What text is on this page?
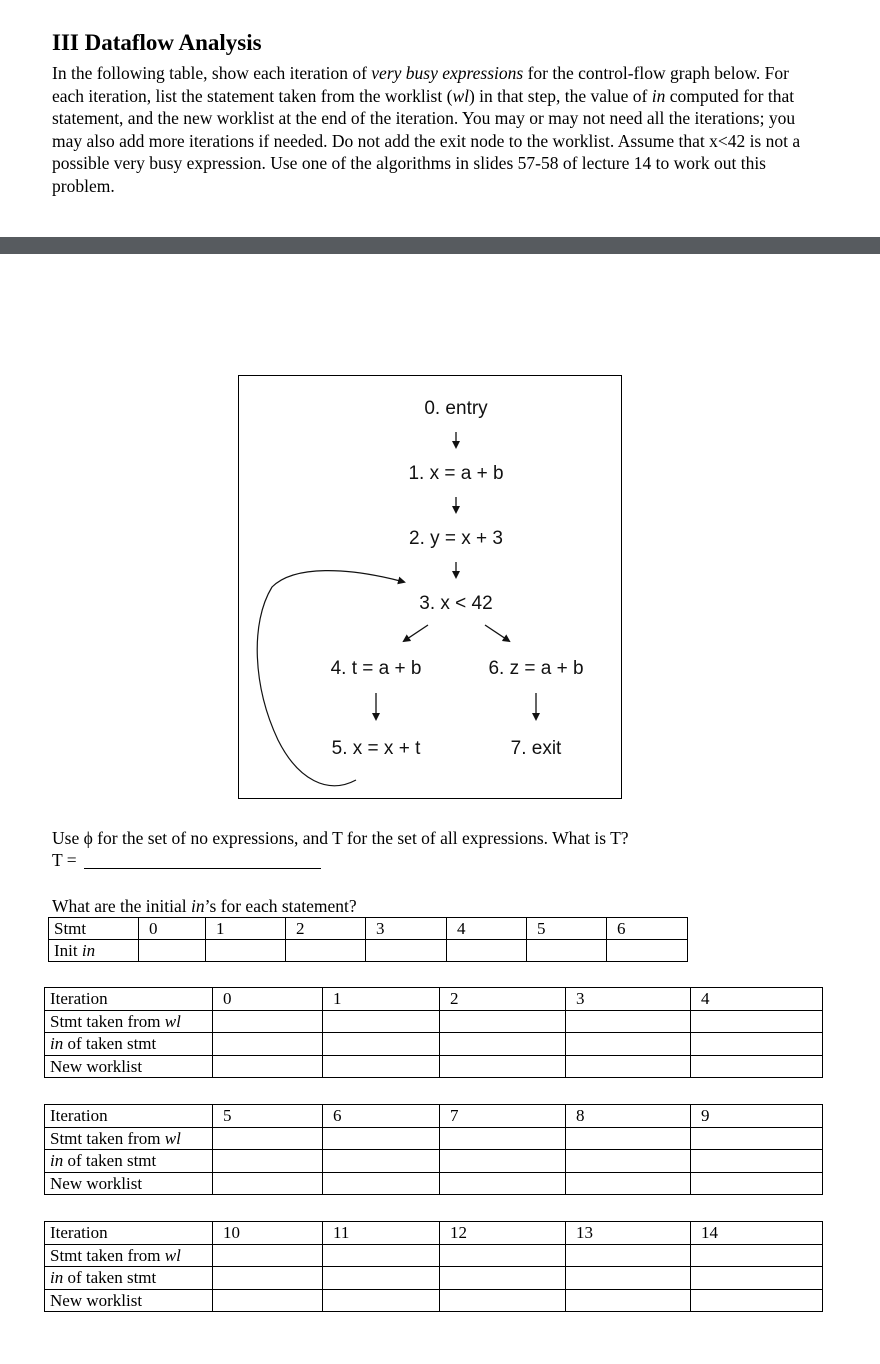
III Dataflow Analysis
In the following table, show each iteration of very busy expressions for the control-flow graph below. For each iteration, list the statement taken from the worklist (wl) in that step, the value of in computed for that statement, and the new worklist at the end of the iteration. You may or may not need all the iterations; you may also add more iterations if needed. Do not add the exit node to the worklist. Assume that x<42 is not a possible very busy expression. Use one of the algorithms in slides 57-58 of lecture 14 to work out this problem.
0. entry
1. x = a + b
2. y = x + 3
3. x < 42
4. t = a + b
5. x = x + t
6. z = a + b
7. exit
Use ϕ for the set of no expressions, and T for the set of all expressions. What is T?
T =
What are the initial in’s for each statement?
Stmt	0	1	2	3	4	5	6
Init in							
Iteration	0	1	2	3	4
Stmt taken from wl					
in of taken stmt					
New worklist					
Iteration	5	6	7	8	9
Stmt taken from wl					
in of taken stmt					
New worklist					
Iteration	10	11	12	13	14
Stmt taken from wl					
in of taken stmt					
New worklist					
